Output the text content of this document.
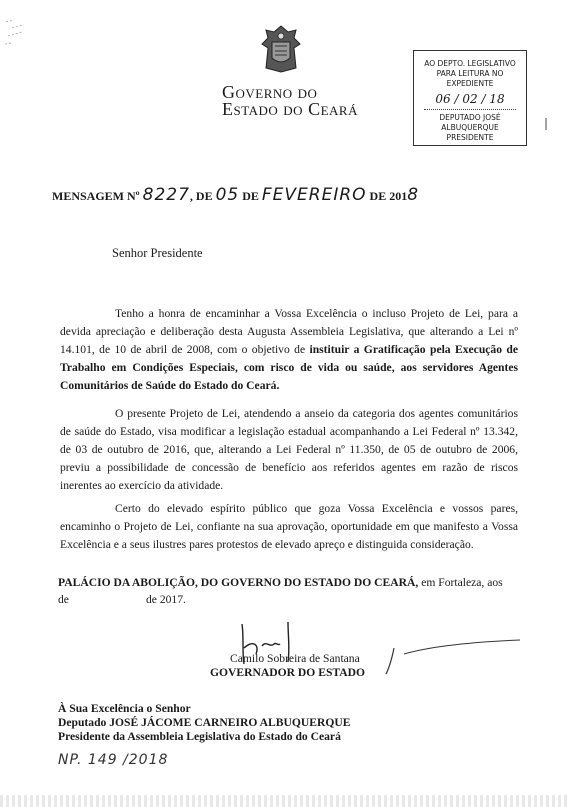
Governo do
Estado do Ceará
AO DEPTO. LEGISLATIVO
PARA LEITURA NO EXPEDIENTE
06 / 02 / 18
DEPUTADO JOSÉ ALBUQUERQUE
PRESIDENTE
MENSAGEM Nº 8227, DE 05 DE FEVEREIRO DE 2018
Senhor Presidente
Tenho a honra de encaminhar a Vossa Excelência o incluso Projeto de Lei, para a devida apreciação e deliberação desta Augusta Assembleia Legislativa, que alterando a Lei nº 14.101, de 10 de abril de 2008, com o objetivo de instituir a Gratificação pela Execução de Trabalho em Condições Especiais, com risco de vida ou saúde, aos servidores Agentes Comunitários de Saúde do Estado do Ceará.
O presente Projeto de Lei, atendendo a anseio da categoria dos agentes comunitários de saúde do Estado, visa modificar a legislação estadual acompanhando a Lei Federal nº 13.342, de 03 de outubro de 2016, que, alterando a Lei Federal nº 11.350, de 05 de outubro de 2006, previu a possibilidade de concessão de benefício aos referidos agentes em razão de riscos inerentes ao exercício da atividade.
Certo do elevado espírito público que goza Vossa Excelência e vossos pares, encaminho o Projeto de Lei, confiante na sua aprovação, oportunidade em que manifesto a Vossa Excelência e a seus ilustres pares protestos de elevado apreço e distinguida consideração.
PALÁCIO DA ABOLIÇÃO, DO GOVERNO DO ESTADO DO CEARÁ, em Fortaleza, aos
de	de 2017.
Camilo Sobreira de Santana
GOVERNADOR DO ESTADO
À Sua Excelência o Senhor
Deputado JOSÉ JÁCOME CARNEIRO ALBUQUERQUE
Presidente da Assembleia Legislativa do Estado do Ceará
NP. 149 /2018
